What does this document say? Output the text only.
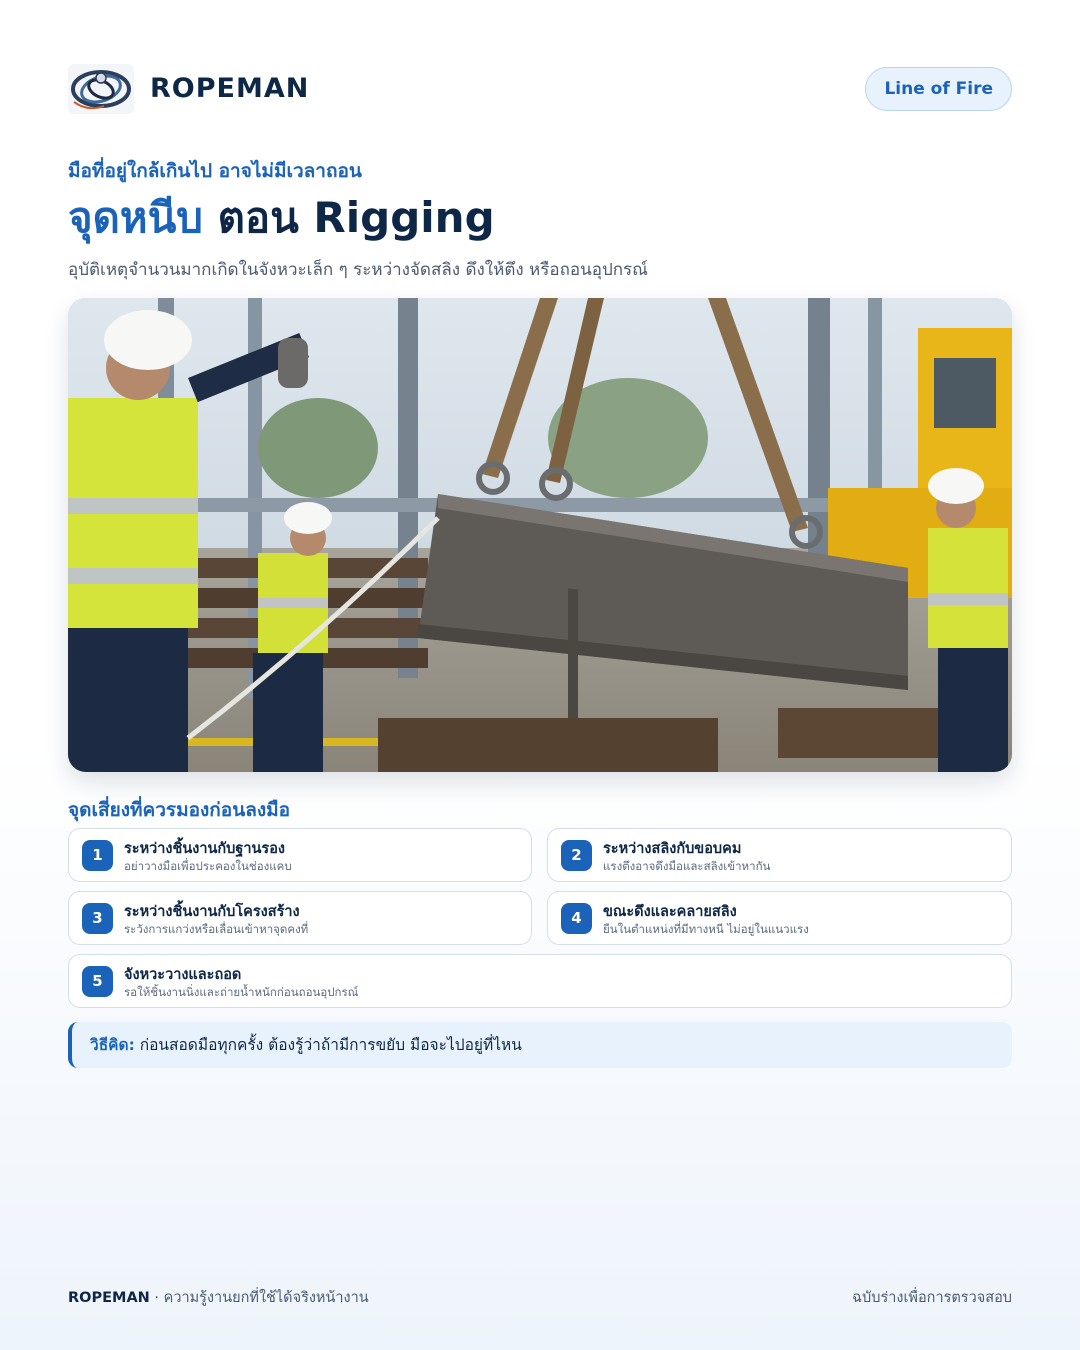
ROPEMAN	Line of Fire
มือที่อยู่ใกล้เกินไป อาจไม่มีเวลาถอน
จุดหนีบ ตอน Rigging
อุบัติเหตุจำนวนมากเกิดในจังหวะเล็ก ๆ ระหว่างจัดสลิง ดึงให้ตึง หรือถอนอุปกรณ์
จุดเสี่ยงที่ควรมองก่อนลงมือ
1	ระหว่างชิ้นงานกับฐานรอง
อย่าวางมือเพื่อประคองในช่องแคบ
2	ระหว่างสลิงกับขอบคม
แรงตึงอาจดึงมือและสลิงเข้าหากัน
3	ระหว่างชิ้นงานกับโครงสร้าง
ระวังการแกว่งหรือเลื่อนเข้าหาจุดคงที่
4	ขณะดึงและคลายสลิง
ยืนในตำแหน่งที่มีทางหนี ไม่อยู่ในแนวแรง
5	จังหวะวางและถอด
รอให้ชิ้นงานนิ่งและถ่ายน้ำหนักก่อนถอนอุปกรณ์
วิธีคิด: ก่อนสอดมือทุกครั้ง ต้องรู้ว่าถ้ามีการขยับ มือจะไปอยู่ที่ไหน
ROPEMAN · ความรู้งานยกที่ใช้ได้จริงหน้างาน	ฉบับร่างเพื่อการตรวจสอบ
